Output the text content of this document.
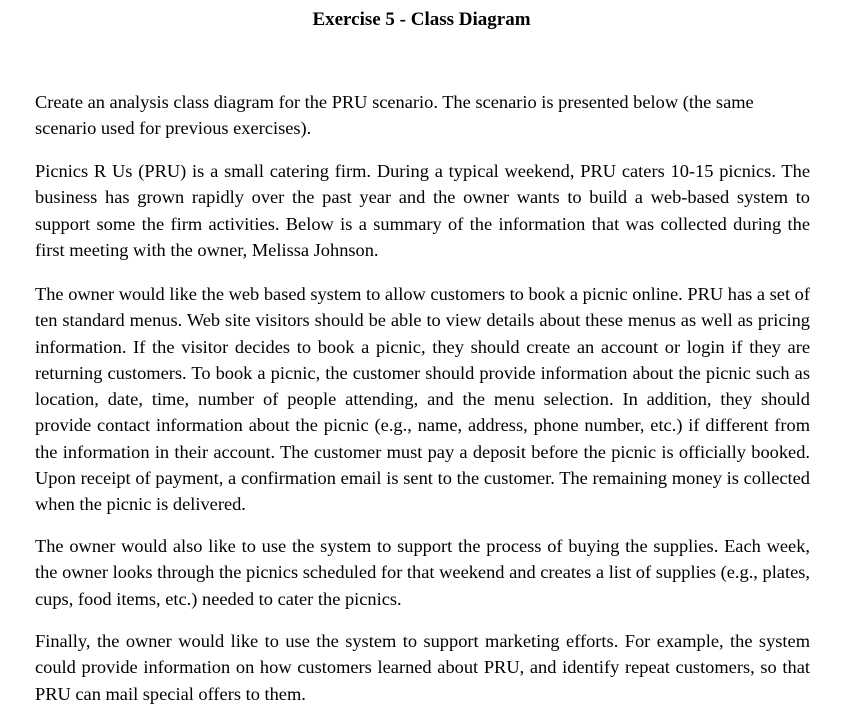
Exercise 5 - Class Diagram

Create an analysis class diagram for the PRU scenario. The scenario is presented below (the same scenario used for previous exercises).

Picnics R Us (PRU) is a small catering firm. During a typical weekend, PRU caters 10-15 picnics. The business has grown rapidly over the past year and the owner wants to build a web-based system to support some the firm activities. Below is a summary of the information that was collected during the first meeting with the owner, Melissa Johnson.

The owner would like the web based system to allow customers to book a picnic online. PRU has a set of ten standard menus. Web site visitors should be able to view details about these menus as well as pricing information. If the visitor decides to book a picnic, they should create an account or login if they are returning customers. To book a picnic, the customer should provide information about the picnic such as location, date, time, number of people attending, and the menu selection. In addition, they should provide contact information about the picnic (e.g., name, address, phone number, etc.) if different from the information in their account. The customer must pay a deposit before the picnic is officially booked. Upon receipt of payment, a confirmation email is sent to the customer. The remaining money is collected when the picnic is delivered.

The owner would also like to use the system to support the process of buying the supplies. Each week, the owner looks through the picnics scheduled for that weekend and creates a list of supplies (e.g., plates, cups, food items, etc.) needed to cater the picnics.

Finally, the owner would like to use the system to support marketing efforts. For example, the system could provide information on how customers learned about PRU, and identify repeat customers, so that PRU can mail special offers to them.
